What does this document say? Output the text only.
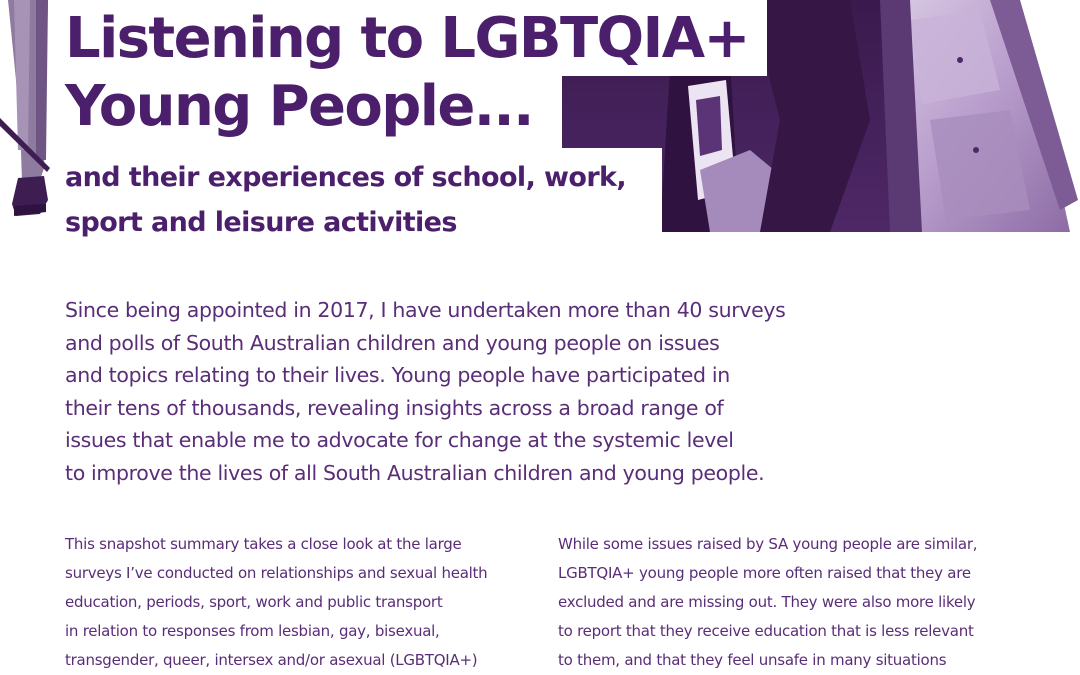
Listening to LGBTQIA+
Young People...
and their experiences of school, work,
sport and leisure activities

Since being appointed in 2017, I have undertaken more than 40 surveys
and polls of South Australian children and young people on issues
and topics relating to their lives. Young people have participated in
their tens of thousands, revealing insights across a broad range of
issues that enable me to advocate for change at the systemic level
to improve the lives of all South Australian children and young people.

This snapshot summary takes a close look at the large
surveys I’ve conducted on relationships and sexual health
education, periods, sport, work and public transport
in relation to responses from lesbian, gay, bisexual,
transgender, queer, intersex and/or asexual (LGBTQIA+)

While some issues raised by SA young people are similar,
LGBTQIA+ young people more often raised that they are
excluded and are missing out. They were also more likely
to report that they receive education that is less relevant
to them, and that they feel unsafe in many situations
